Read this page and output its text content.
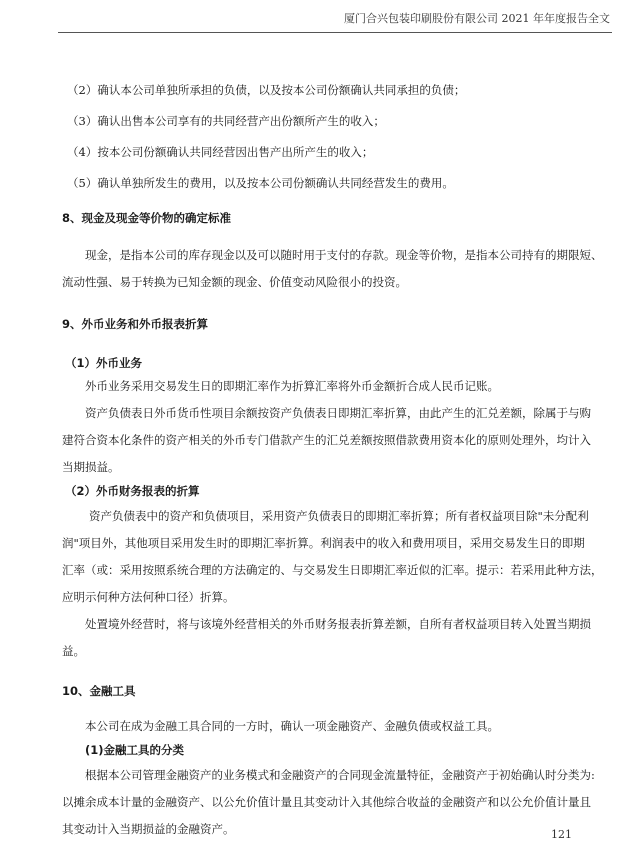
厦门合兴包装印刷股份有限公司 2021 年年度报告全文

（2）确认本公司单独所承担的负债，以及按本公司份额确认共同承担的负债；

（3）确认出售本公司享有的共同经营产出份额所产生的收入；

（4）按本公司份额确认共同经营因出售产出所产生的收入；

（5）确认单独所发生的费用，以及按本公司份额确认共同经营发生的费用。

8、现金及现金等价物的确定标准

现金，是指本公司的库存现金以及可以随时用于支付的存款。现金等价物，是指本公司持有的期限短、

流动性强、易于转换为已知金额的现金、价值变动风险很小的投资。

9、外币业务和外币报表折算

（1）外币业务

外币业务采用交易发生日的即期汇率作为折算汇率将外币金额折合成人民币记账。

资产负债表日外币货币性项目余额按资产负债表日即期汇率折算，由此产生的汇兑差额，除属于与购

建符合资本化条件的资产相关的外币专门借款产生的汇兑差额按照借款费用资本化的原则处理外，均计入

当期损益。

（2）外币财务报表的折算

资产负债表中的资产和负债项目，采用资产负债表日的即期汇率折算；所有者权益项目除"未分配利

润"项目外，其他项目采用发生时的即期汇率折算。利润表中的收入和费用项目，采用交易发生日的即期

汇率（或：采用按照系统合理的方法确定的、与交易发生日即期汇率近似的汇率。提示：若采用此种方法，

应明示何种方法何种口径）折算。

处置境外经营时，将与该境外经营相关的外币财务报表折算差额，自所有者权益项目转入处置当期损

益。

10、金融工具

本公司在成为金融工具合同的一方时，确认一项金融资产、金融负债或权益工具。

(1)金融工具的分类

根据本公司管理金融资产的业务模式和金融资产的合同现金流量特征，金融资产于初始确认时分类为:

以摊余成本计量的金融资产、以公允价值计量且其变动计入其他综合收益的金融资产和以公允价值计量且

其变动计入当期损益的金融资产。	121
